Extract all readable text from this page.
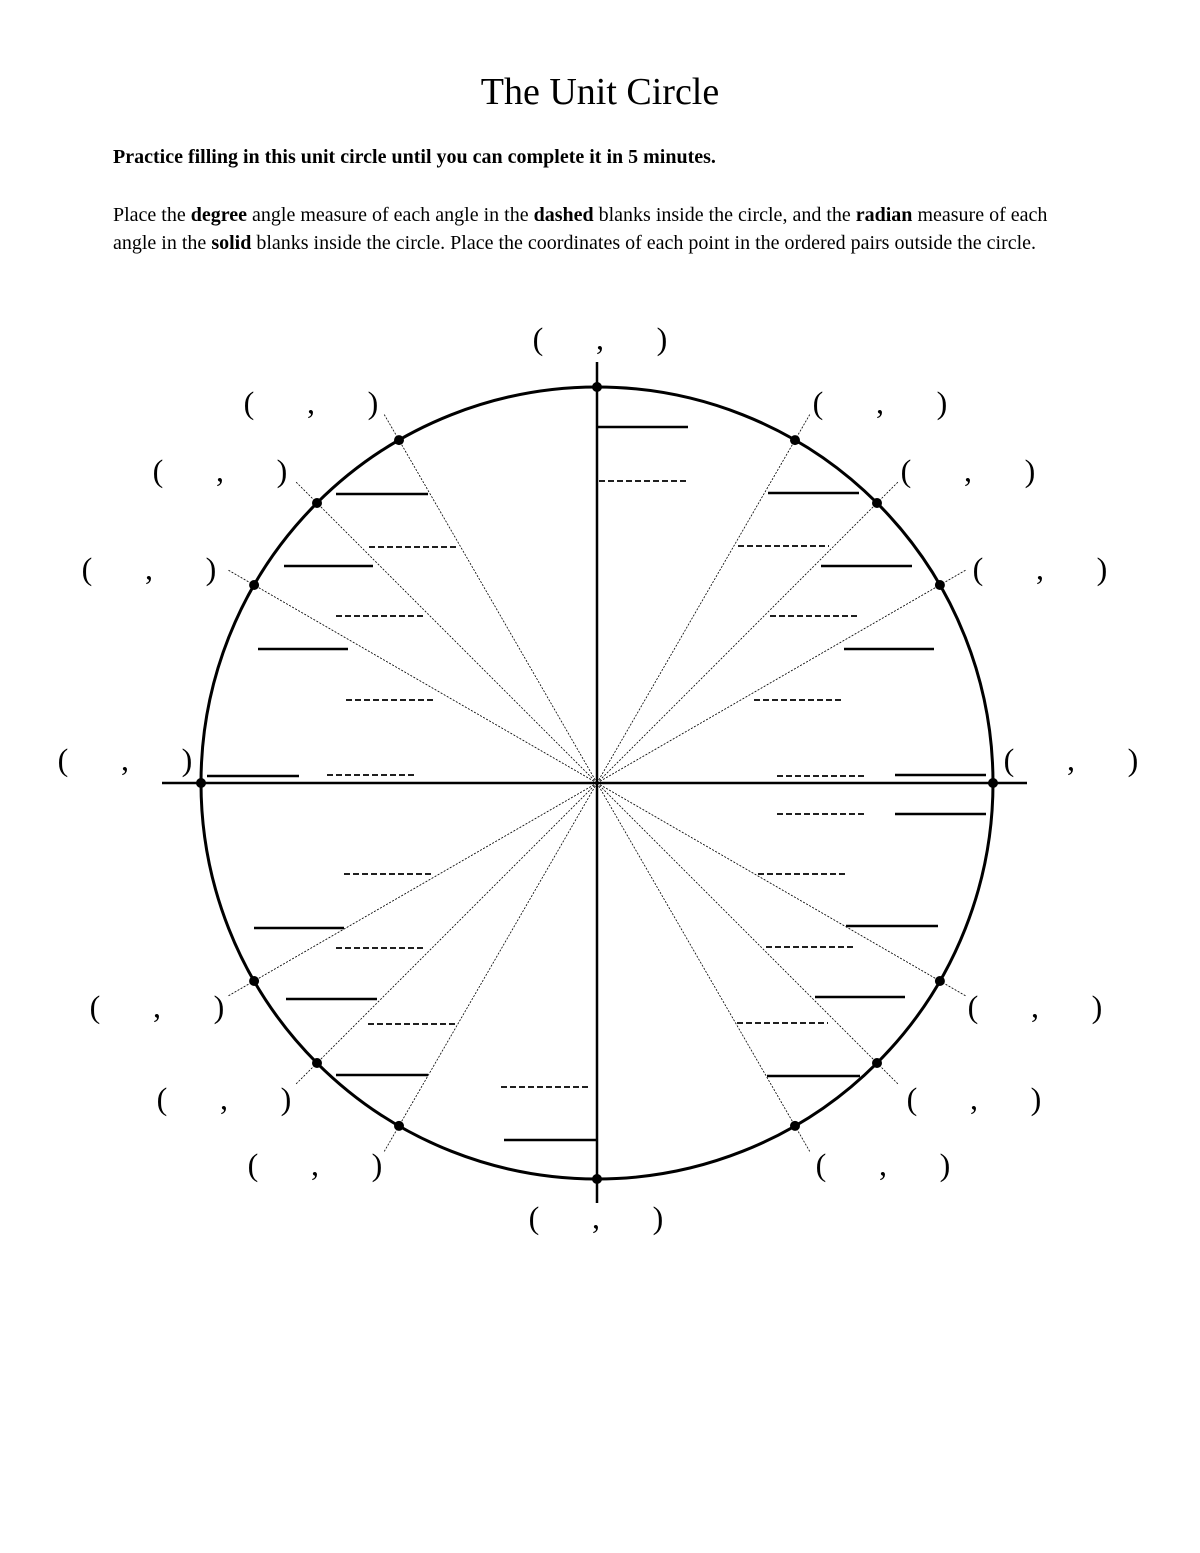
The Unit Circle

Practice filling in this unit circle until you can complete it in 5 minutes.

Place the degree angle measure of each angle in the dashed blanks inside the circle, and the radian measure of each angle in the solid blanks inside the circle. Place the coordinates of each point in the ordered pairs outside the circle.

( , )
( , )
( , )
( , )
( , )
( , )
( , )
( , )
( , )
( , )
( , )
( , )
( , )
( , )
( , )
( , )
